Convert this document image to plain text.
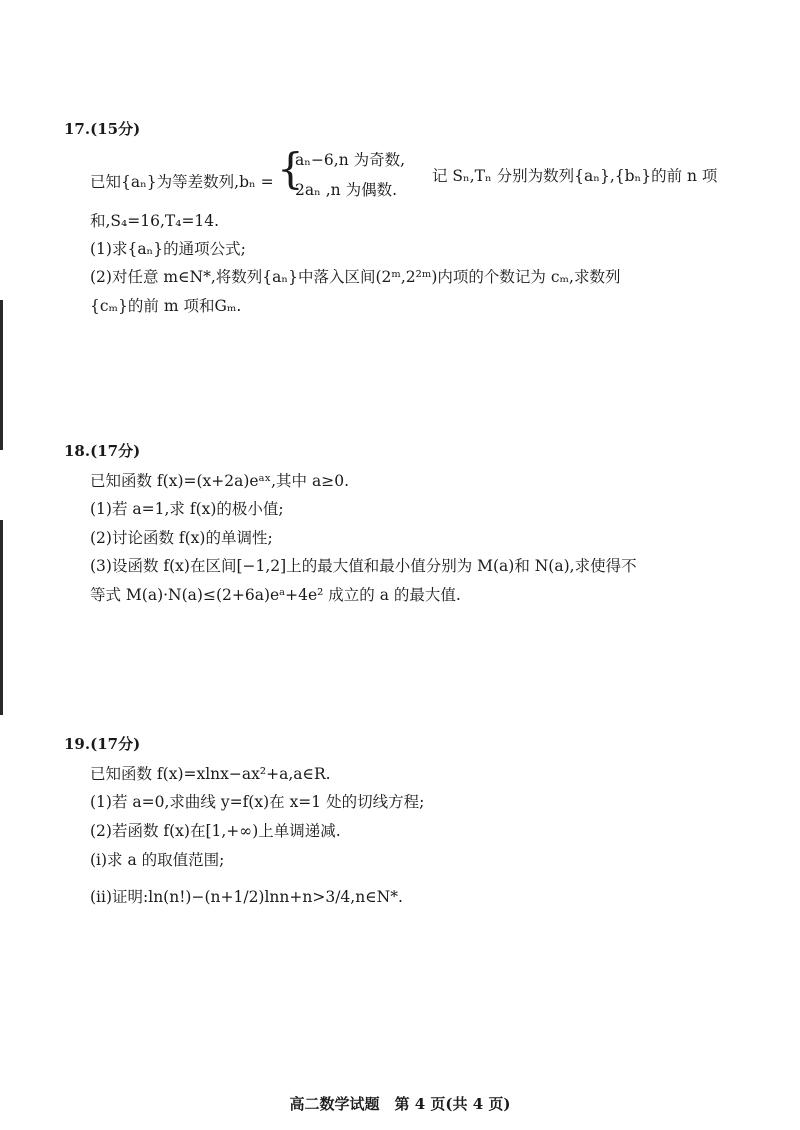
17.(15分)
已知{aₙ}为等差数列,bₙ = {
aₙ−6,n 为奇数,
2aₙ ,n 为偶数.
记 Sₙ,Tₙ 分别为数列{aₙ},{bₙ}的前 n 项
和,S₄=16,T₄=14.
(1)求{aₙ}的通项公式;
(2)对任意 m∈N*,将数列{aₙ}中落入区间(2ᵐ,2²ᵐ)内项的个数记为 cₘ,求数列
{cₘ}的前 m 项和Gₘ.
18.(17分)
已知函数 f(x)=(x+2a)eᵃˣ,其中 a≥0.
(1)若 a=1,求 f(x)的极小值;
(2)讨论函数 f(x)的单调性;
(3)设函数 f(x)在区间[−1,2]上的最大值和最小值分别为 M(a)和 N(a),求使得不
等式 M(a)·N(a)≤(2+6a)eᵃ+4e² 成立的 a 的最大值.
19.(17分)
已知函数 f(x)=xlnx−ax²+a,a∈R.
(1)若 a=0,求曲线 y=f(x)在 x=1 处的切线方程;
(2)若函数 f(x)在[1,+∞)上单调递减.
(ⅰ)求 a 的取值范围;
(ⅱ)证明:ln(n!)−(n+1/2)lnn+n>3/4,n∈N*.
高二数学试题　第 4 页(共 4 页)
